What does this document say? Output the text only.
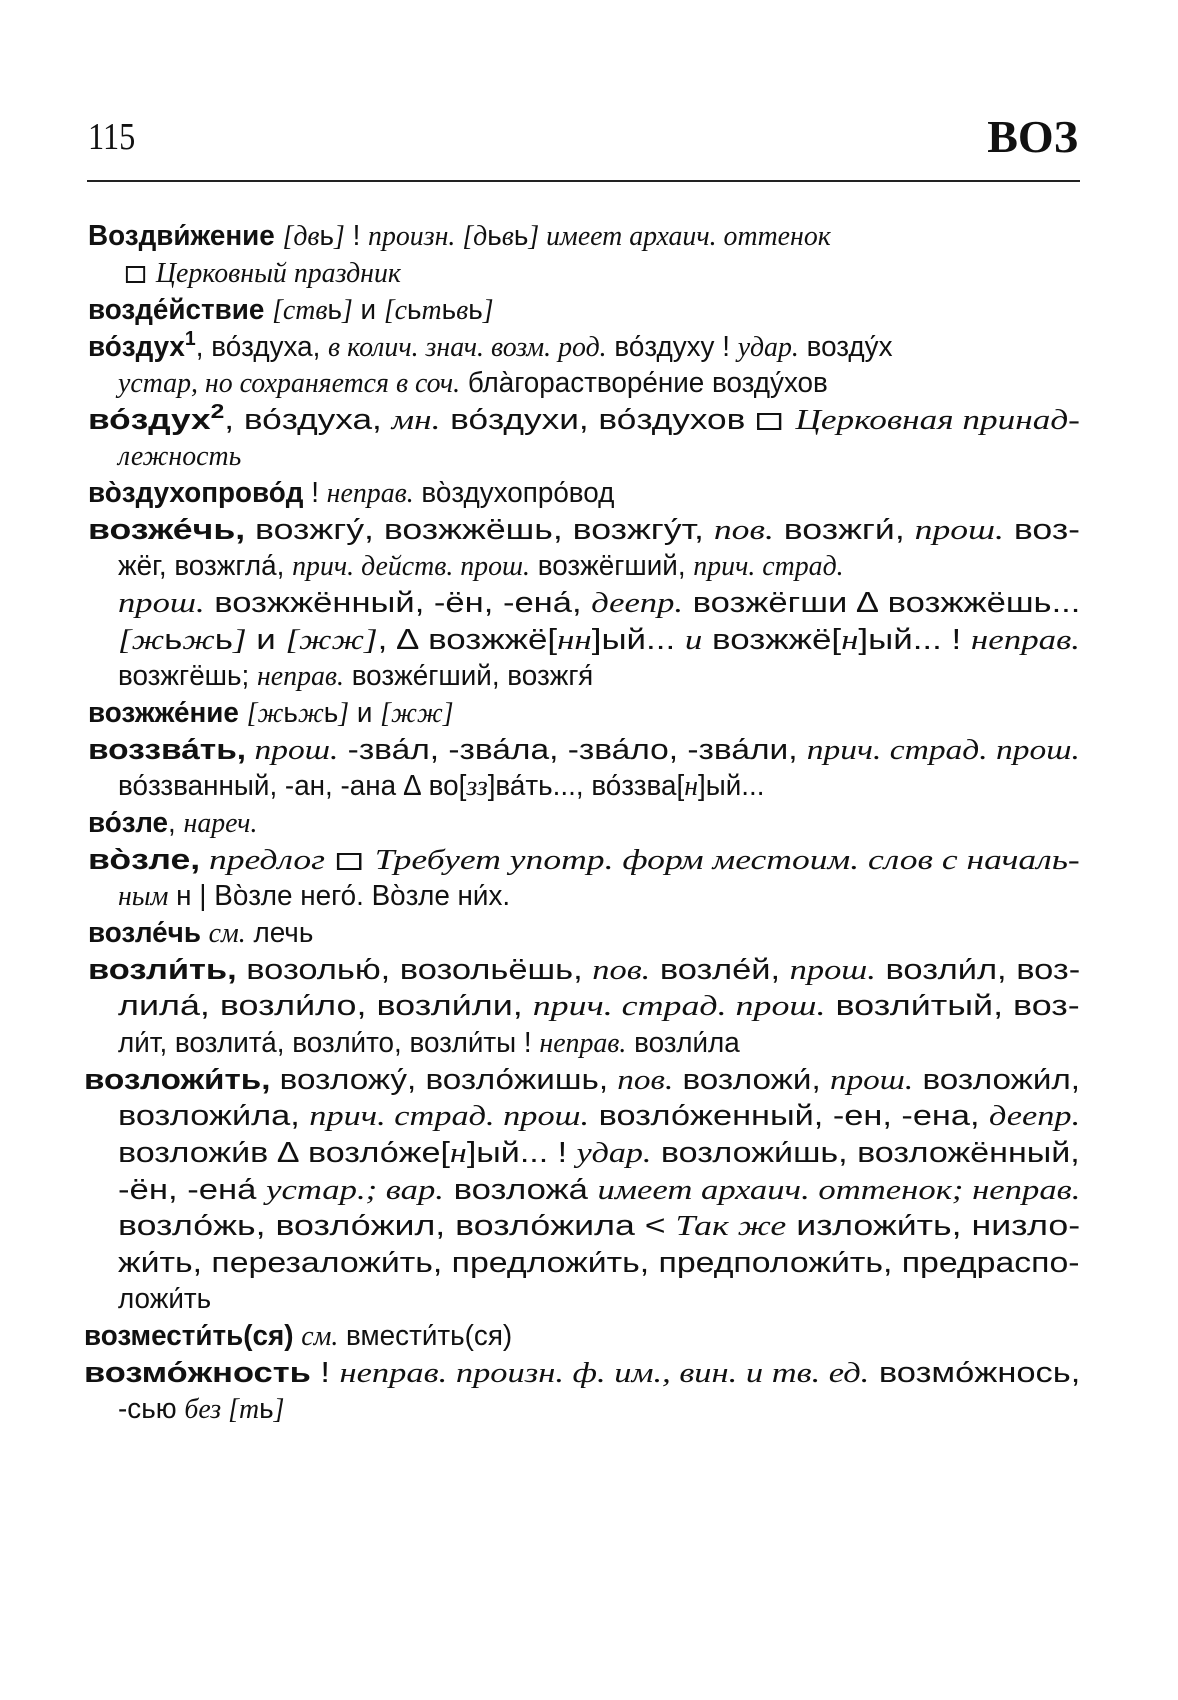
115	ВОЗ
Воздви́жение [двь] ! произн. [дьвь] имеет архаич. оттенок
Церковный праздник
возде́йствие [ствь] и [сьтьвь]
во́здух$^1$, во́здуха, в колич. знач. возм. род. во́здуху ! удар. возду́х
устар, но сохраняется в соч. бла̀горастворе́ние возду́хов
во́здух$^2$, во́здуха, мн. во́здухи, во́здухов  Церковная принад-
лежность
во̀здухопрово́д ! неправ. во̀здухопро́вод
возже́чь, возжгу́, возжжёшь, возжгу́т, пов. возжги́, прош. воз-
жёг, возжгла́, прич. действ. прош. возжёгший, прич. страд.
прош. возжжённый, -ён, -ена́, деепр. возжёгши ∆ возжжёшь...
[жьжь] и [жж], ∆ возжжё[нн]ый... и возжжё[н]ый... ! неправ.
возжгёшь; неправ. возже́гший, возжгя́
возжже́ние [жьжь] и [жж]
воззва́ть, прош. -зва́л, -зва́ла, -зва́ло, -зва́ли, прич. страд. прош.
во́ззванный, -ан, -ана ∆ во[зз]ва́ть..., во́ззва[н]ый...
во́зле, нареч.
во̀зле, предлог  Требует употр. форм местоим. слов с началь-
ным н | Во̀зле него́. Во̀зле ни́х.
возле́чь см. лечь
возли́ть, возолью́, возольёшь, пов. возле́й, прош. возли́л, воз-
лила́, возли́ло, возли́ли, прич. страд. прош. возли́тый, воз-
ли́т, возлита́, возли́то, возли́ты ! неправ. возли́ла
возложи́ть, возложу́, возло́жишь, пов. возложи́, прош. возложи́л,
возложи́ла, прич. страд. прош. возло́женный, -ен, -ена, деепр.
возложи́в ∆ возло́же[н]ый... ! удар. возложи́шь, возложённый,
-ён, -ена́ устар.; вар. возложа́ имеет архаич. оттенок; неправ.
возло́жь, возло́жил, возло́жила < Так же изложи́ть, низло-
жи́ть, перезаложи́ть, предложи́ть, предположи́ть, предраспо-
ложи́ть
возмести́ть(ся) см. вмести́ть(ся)
возмо́жность ! неправ. произн. ф. им., вин. и тв. ед. возмо́жнось,
-сью без [ть]
